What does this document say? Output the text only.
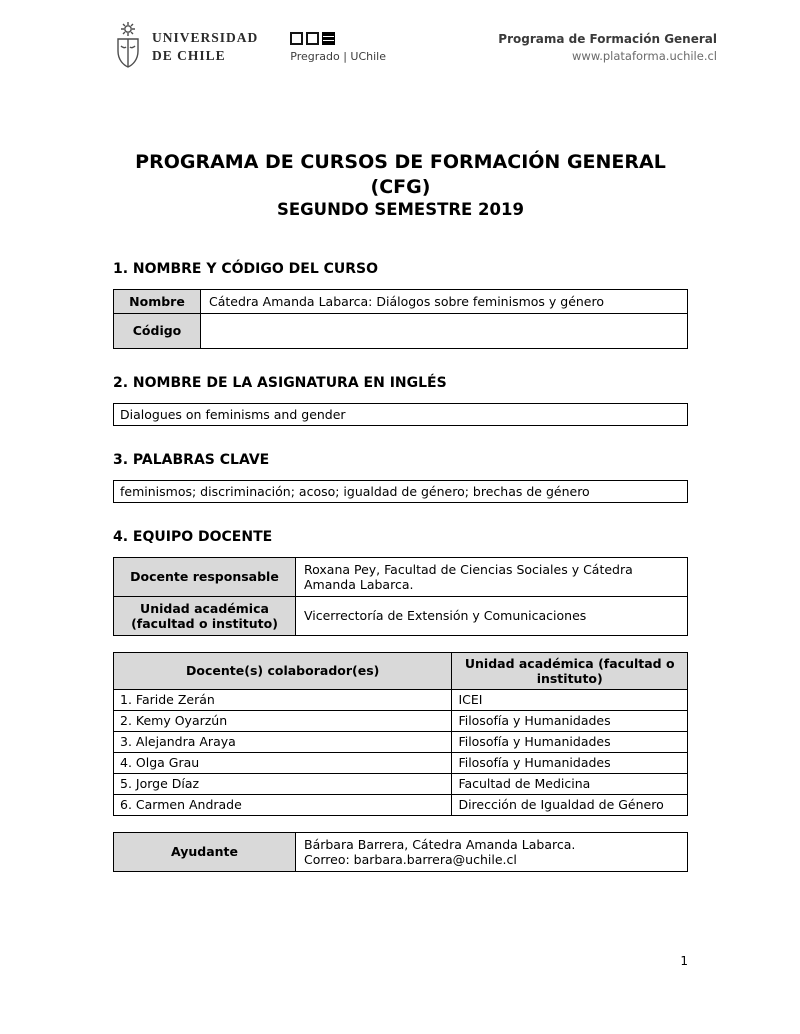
UNIVERSIDAD
DE CHILE	Pregrado | UChile
Programa de Formación General
www.plataforma.uchile.cl
PROGRAMA DE CURSOS DE FORMACIÓN GENERAL
(CFG)
SEGUNDO SEMESTRE 2019
1. NOMBRE Y CÓDIGO DEL CURSO
Nombre	Cátedra Amanda Labarca: Diálogos sobre feminismos y género
Código	
2. NOMBRE DE LA ASIGNATURA EN INGLÉS
Dialogues on feminisms and gender
3. PALABRAS CLAVE
feminismos; discriminación; acoso; igualdad de género; brechas de género
4. EQUIPO DOCENTE
Docente responsable	Roxana Pey, Facultad de Ciencias Sociales y Cátedra Amanda Labarca.
Unidad académica (facultad o instituto)	Vicerrectoría de Extensión y Comunicaciones
Docente(s) colaborador(es)	Unidad académica (facultad o instituto)
1. Faride Zerán	ICEI
2. Kemy Oyarzún	Filosofía y Humanidades
3. Alejandra Araya	Filosofía y Humanidades
4. Olga Grau	Filosofía y Humanidades
5. Jorge Díaz	Facultad de Medicina
6. Carmen Andrade	Dirección de Igualdad de Género
Ayudante	Bárbara Barrera, Cátedra Amanda Labarca.
Correo: barbara.barrera@uchile.cl
1
